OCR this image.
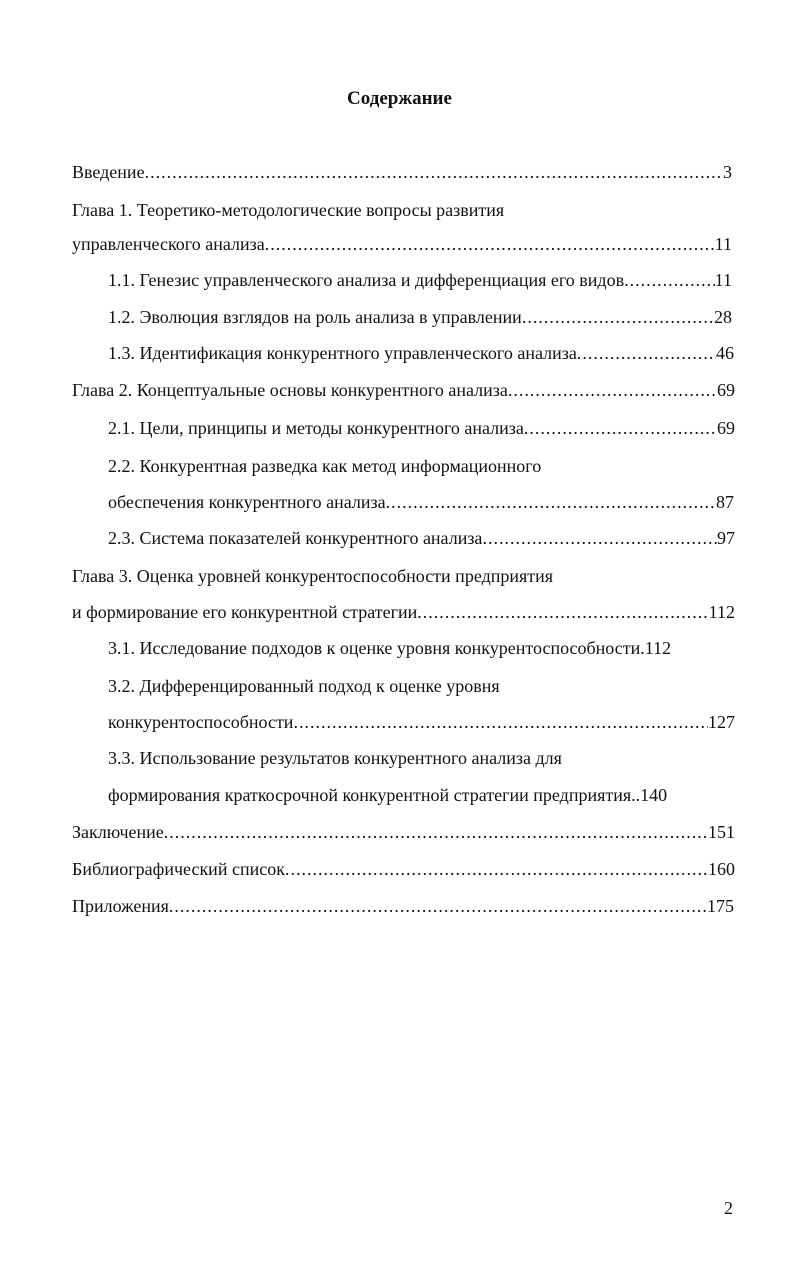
Содержание
Введение .....	3
Глава 1. Теоретико-методологические вопросы развития
управленческого анализа .....	11
1.1. Генезис управленческого анализа и дифференциация его видов .....	11
1.2. Эволюция взглядов на роль анализа в управлении .....	28
1.3. Идентификация конкурентного управленческого анализа .....	46
Глава 2. Концептуальные основы конкурентного анализа .....	69
2.1. Цели, принципы и методы конкурентного анализа .....	69
2.2. Конкурентная разведка как метод информационного
обеспечения конкурентного анализа .....	87
2.3. Система показателей конкурентного анализа .....	97
Глава 3. Оценка уровней конкурентоспособности предприятия
и формирование его конкурентной стратегии .....	112
3.1. Исследование подходов к оценке уровня конкурентоспособности. 112
3.2. Дифференцированный подход к оценке уровня
конкурентоспособности .....	127
3.3. Использование результатов конкурентного анализа для
формирования краткосрочной конкурентной стратегии предприятия.. 140
Заключение .....	151
Библиографический список .....	160
Приложения .....	175
2
